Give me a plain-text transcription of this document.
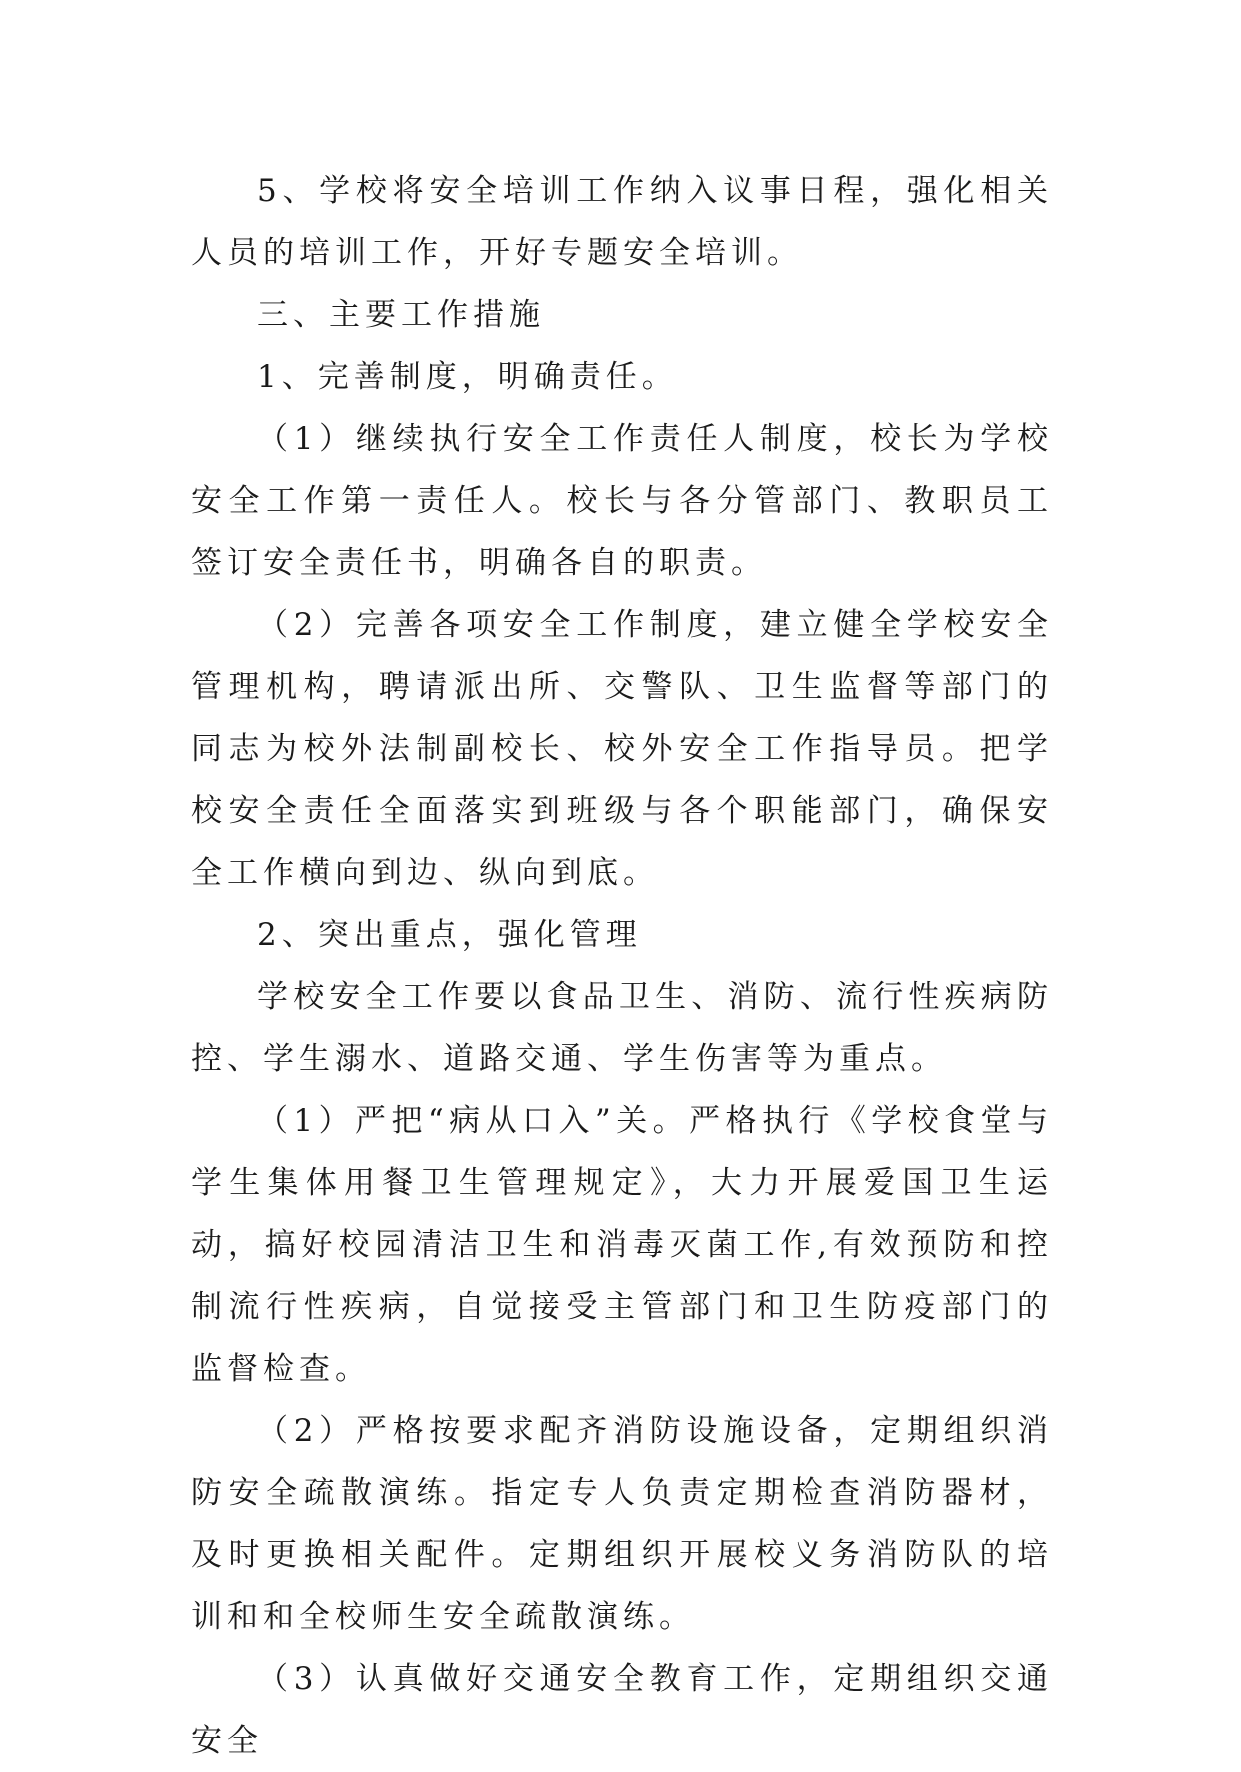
5、学校将安全培训工作纳入议事日程，强化相关人员的培训工作，开好专题安全培训。

三、主要工作措施

1、完善制度，明确责任。

（1）继续执行安全工作责任人制度，校长为学校安全工作第一责任人。校长与各分管部门、教职员工签订安全责任书，明确各自的职责。

（2）完善各项安全工作制度，建立健全学校安全管理机构，聘请派出所、交警队、卫生监督等部门的同志为校外法制副校长、校外安全工作指导员。把学校安全责任全面落实到班级与各个职能部门，确保安全工作横向到边、纵向到底。

2、突出重点，强化管理

学校安全工作要以食品卫生、消防、流行性疾病防控、学生溺水、道路交通、学生伤害等为重点。

（1）严把“病从口入”关。严格执行《学校食堂与学生集体用餐卫生管理规定》，大力开展爱国卫生运动，搞好校园清洁卫生和消毒灭菌工作,有效预防和控制流行性疾病，自觉接受主管部门和卫生防疫部门的监督检查。

（2）严格按要求配齐消防设施设备，定期组织消防安全疏散演练。指定专人负责定期检查消防器材，及时更换相关配件。定期组织开展校义务消防队的培训和和全校师生安全疏散演练。

（3）认真做好交通安全教育工作，定期组织交通安全
